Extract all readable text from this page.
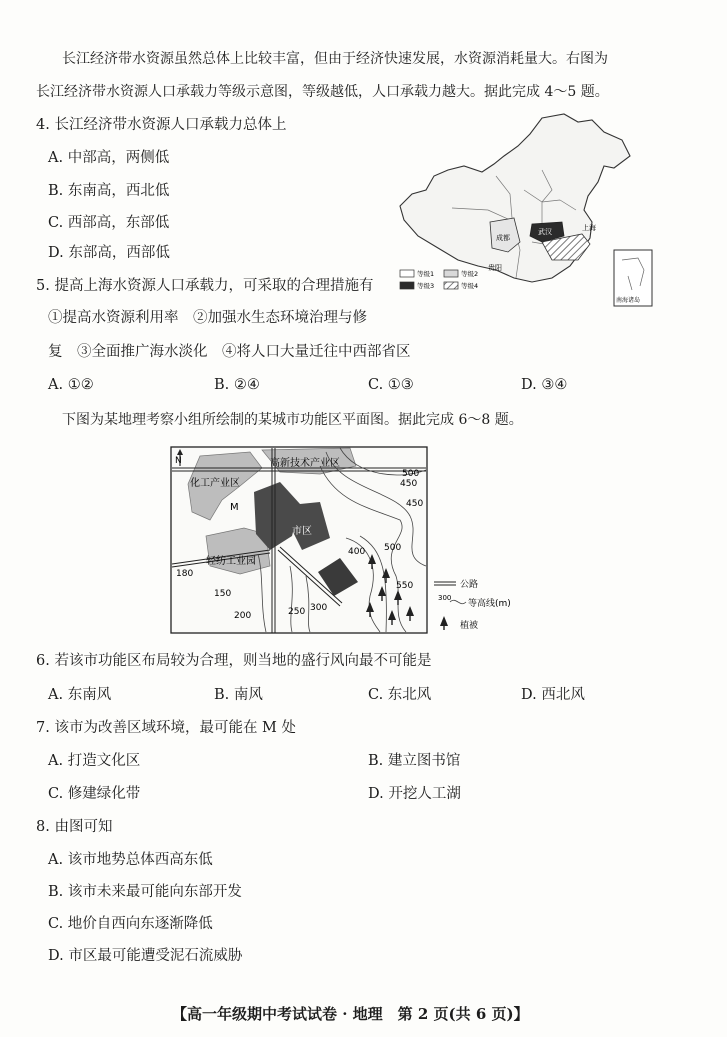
长江经济带水资源虽然总体上比较丰富，但由于经济快速发展，水资源消耗量大。右图为
长江经济带水资源人口承载力等级示意图，等级越低，人口承载力越大。据此完成 4～5 题。
4. 长江经济带水资源人口承载力总体上
A. 中部高，两侧低
B. 东南高，西北低
C. 西部高，东部低
D. 东部高，西部低
成都
武汉
贵阳
上海
等级1	等级2
等级3	等级4
南海诸岛
5. 提高上海水资源人口承载力，可采取的合理措施有
①提高水资源利用率　②加强水生态环境治理与修
复　③全面推广海水淡化　④将人口大量迁往中西部省区
A. ①②	B. ②④	C. ①③	D. ③④
下图为某地理考察小组所绘制的某城市功能区平面图。据此完成 6～8 题。
N	高新技术产业区
化工产业区
M
市区
轻纺工业园
500
450
450
400 500
550
180
150
200	250 300
公路
300
等高线(m)
植被
6. 若该市功能区布局较为合理，则当地的盛行风向最不可能是
A. 东南风	B. 南风	C. 东北风	D. 西北风
7. 该市为改善区域环境，最可能在 M 处
A. 打造文化区	B. 建立图书馆
C. 修建绿化带	D. 开挖人工湖
8. 由图可知
A. 该市地势总体西高东低
B. 该市未来最可能向东部开发
C. 地价自西向东逐渐降低
D. 市区最可能遭受泥石流威胁
【高一年级期中考试试卷 · 地理　第 2 页(共 6 页)】
